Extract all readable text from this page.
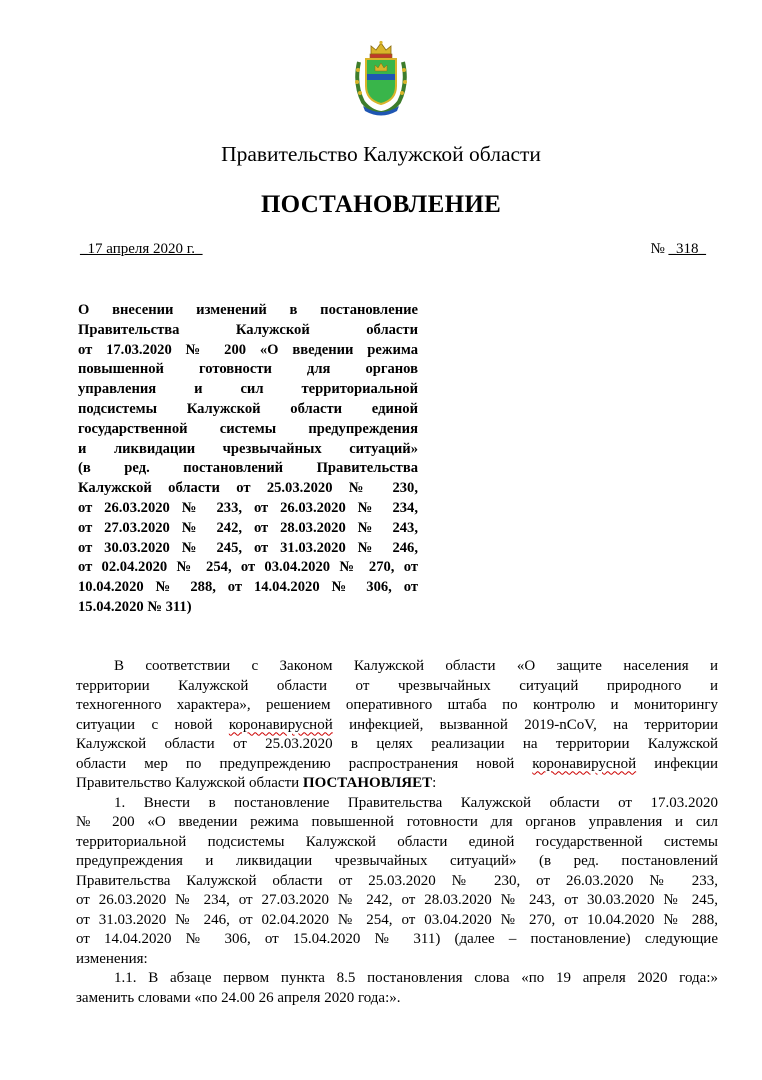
Правительство Калужской области
ПОСТАНОВЛЕНИЕ
_17 апреля 2020 г._	№ _318_
О внесении изменений в постановление
Правительства Калужской области
от 17.03.2020 № 200 «О введении режима
повышенной готовности для органов
управления и сил территориальной
подсистемы Калужской области единой
государственной системы предупреждения
и ликвидации чрезвычайных ситуаций»
(в ред. постановлений Правительства
Калужской области от 25.03.2020 № 230,
от 26.03.2020 № 233, от 26.03.2020 № 234,
от 27.03.2020 № 242, от 28.03.2020 № 243,
от 30.03.2020 № 245, от 31.03.2020 № 246,
от 02.04.2020 № 254, от 03.04.2020 № 270, от
10.04.2020 № 288, от 14.04.2020 № 306, от
15.04.2020 № 311)

В соответствии с Законом Калужской области «О защите населения и
территории Калужской области от чрезвычайных ситуаций природного и
техногенного характера», решением оперативного штаба по контролю и мониторингу
ситуации с новой коронавирусной инфекцией, вызванной 2019-nCoV, на территории
Калужской области от 25.03.2020 в целях реализации на территории Калужской
области мер по предупреждению распространения новой коронавирусной инфекции
Правительство Калужской области ПОСТАНОВЛЯЕТ:

1. Внести в постановление Правительства Калужской области от 17.03.2020
№ 200 «О введении режима повышенной готовности для органов управления и сил
территориальной подсистемы Калужской области единой государственной системы
предупреждения и ликвидации чрезвычайных ситуаций» (в ред. постановлений
Правительства Калужской области от 25.03.2020 № 230, от 26.03.2020 № 233,
от 26.03.2020 № 234, от 27.03.2020 № 242, от 28.03.2020 № 243, от 30.03.2020 № 245,
от 31.03.2020 № 246, от 02.04.2020 № 254, от 03.04.2020 № 270, от 10.04.2020 № 288,
от 14.04.2020 № 306, от 15.04.2020 № 311) (далее – постановление) следующие
изменения:

1.1. В абзаце первом пункта 8.5 постановления слова «по 19 апреля 2020 года:»
заменить словами «по 24.00 26 апреля 2020 года:».
